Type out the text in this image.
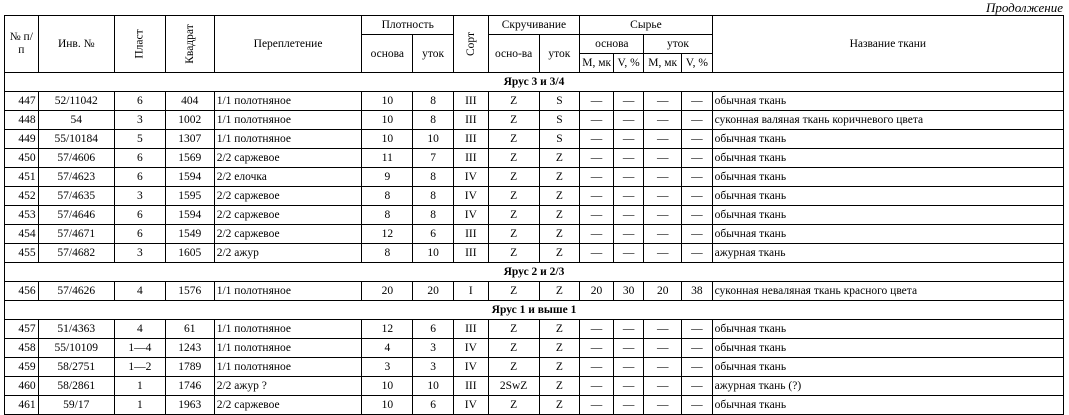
Продолжение
№ п/п	Инв. №	Пласт	Квадрат	Переплетение	Плотность		Сорт	Скручивание		Сырье				Название ткани
					основа	уток		осно-ва	уток	основа		уток		
										М, мк	V, %	М, мк	V, %	
Ярус 3 и 3/4														
447	52/11042	6	404	1/1 полотняное	10	8	III	Z	S	—	—	—	—	обычная ткань
448	54	3	1002	1/1 полотняное	10	8	III	Z	S	—	—	—	—	суконная валяная ткань коричневого цвета
449	55/10184	5	1307	1/1 полотняное	10	10	III	Z	S	—	—	—	—	обычная ткань
450	57/4606	6	1569	2/2 саржевое	11	7	III	Z	Z	—	—	—	—	обычная ткань
451	57/4623	6	1594	2/2 елочка	9	8	IV	Z	Z	—	—	—	—	обычная ткань
452	57/4635	3	1595	2/2 саржевое	8	8	IV	Z	Z	—	—	—	—	обычная ткань
453	57/4646	6	1594	2/2 саржевое	8	8	IV	Z	Z	—	—	—	—	обычная ткань
454	57/4671	6	1549	2/2 саржевое	12	6	III	Z	Z	—	—	—	—	обычная ткань
455	57/4682	3	1605	2/2 ажур	8	10	III	Z	Z	—	—	—	—	ажурная ткань
Ярус 2 и 2/3														
456	57/4626	4	1576	1/1 полотняное	20	20	I	Z	Z	20	30	20	38	суконная неваляная ткань красного цвета
Ярус 1 и выше 1														
457	51/4363	4	61	1/1 полотняное	12	6	III	Z	Z	—	—	—	—	обычная ткань
458	55/10109	1—4	1243	1/1 полотняное	4	3	IV	Z	Z	—	—	—	—	обычная ткань
459	58/2751	1—2	1789	1/1 полотняное	3	3	IV	Z	Z	—	—	—	—	обычная ткань
460	58/2861	1	1746	2/2 ажур ?	10	10	III	2SwZ	Z	—	—	—	—	ажурная ткань (?)
461	59/17	1	1963	2/2 саржевое	10	6	IV	Z	Z	—	—	—	—	обычная ткань
